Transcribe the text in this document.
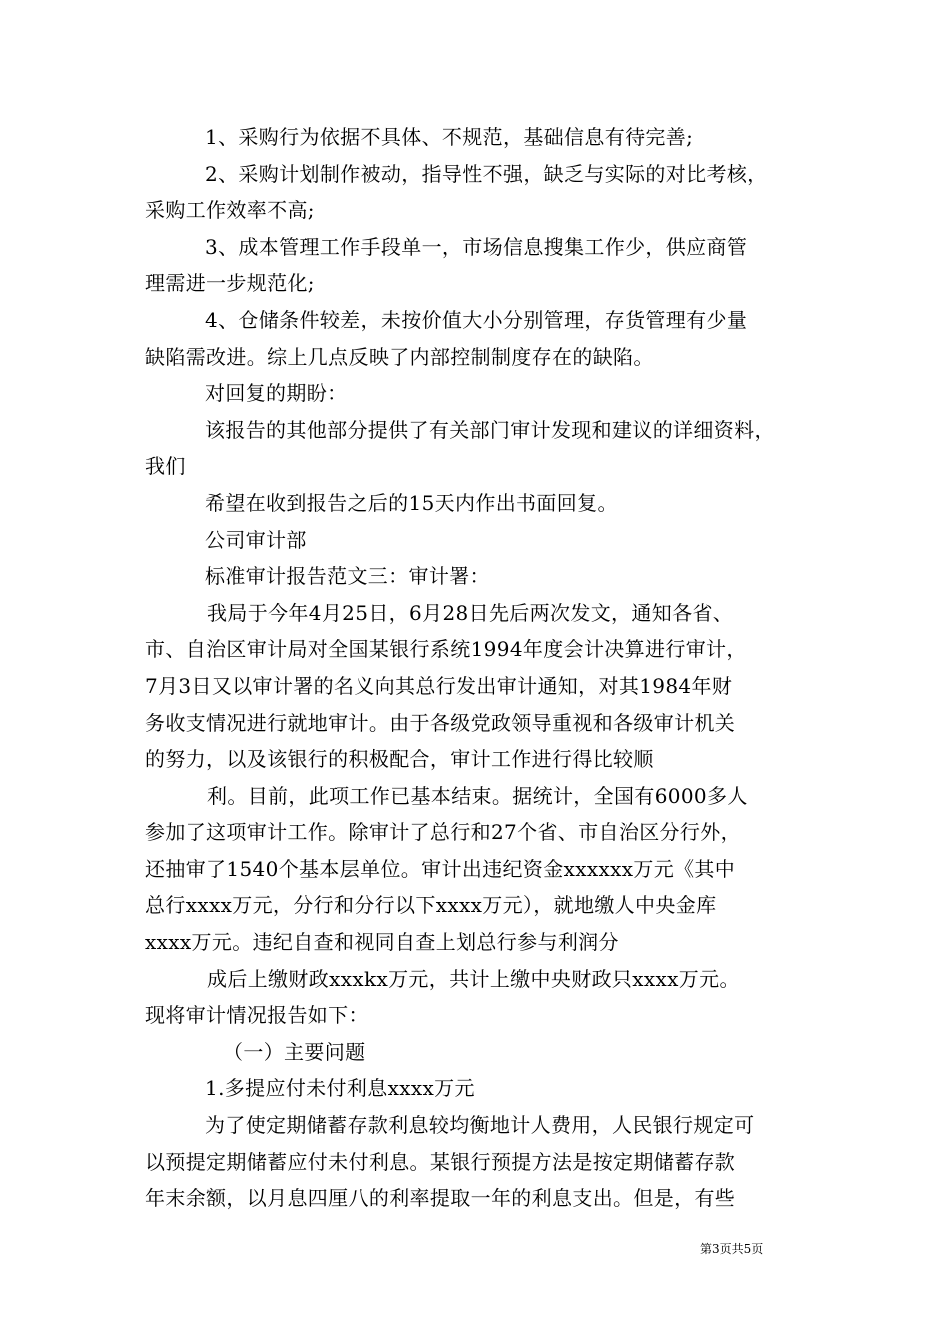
1、采购行为依据不具体、不规范，基础信息有待完善;
2、采购计划制作被动，指导性不强，缺乏与实际的对比考核，
采购工作效率不高;
3、成本管理工作手段单一，市场信息搜集工作少，供应商管
理需进一步规范化;
4、仓储条件较差，未按价值大小分别管理，存货管理有少量
缺陷需改进。综上几点反映了内部控制制度存在的缺陷。
对回复的期盼：
该报告的其他部分提供了有关部门审计发现和建议的详细资料，
我们
希望在收到报告之后的15天内作出书面回复。
公司审计部
标准审计报告范文三：审计署：
我局于今年4月25日，6月28日先后两次发文，通知各省、
市、自治区审计局对全国某银行系统1994年度会计决算进行审计，
7月3日又以审计署的名义向其总行发出审计通知，对其1984年财
务收支情况进行就地审计。由于各级党政领导重视和各级审计机关
的努力，以及该银行的积极配合，审计工作进行得比较顺
利。目前，此项工作已基本结束。据统计，全国有6000多人
参加了这项审计工作。除审计了总行和27个省、市自治区分行外，
还抽审了1540个基本层单位。审计出违纪资金xxxxxx万元《其中
总行xxxx万元，分行和分行以下xxxx万元），就地缴人中央金库
xxxx万元。违纪自查和视同自查上划总行参与利润分
成后上缴财政xxxkx万元，共计上缴中央财政只xxxx万元。
现将审计情况报告如下：
（一）主要问题
1.多提应付未付利息xxxx万元
为了使定期储蓄存款利息较均衡地计人费用，人民银行规定可
以预提定期储蓄应付未付利息。某银行预提方法是按定期储蓄存款
年末余额，以月息四厘八的利率提取一年的利息支出。但是，有些
第3页共5页
